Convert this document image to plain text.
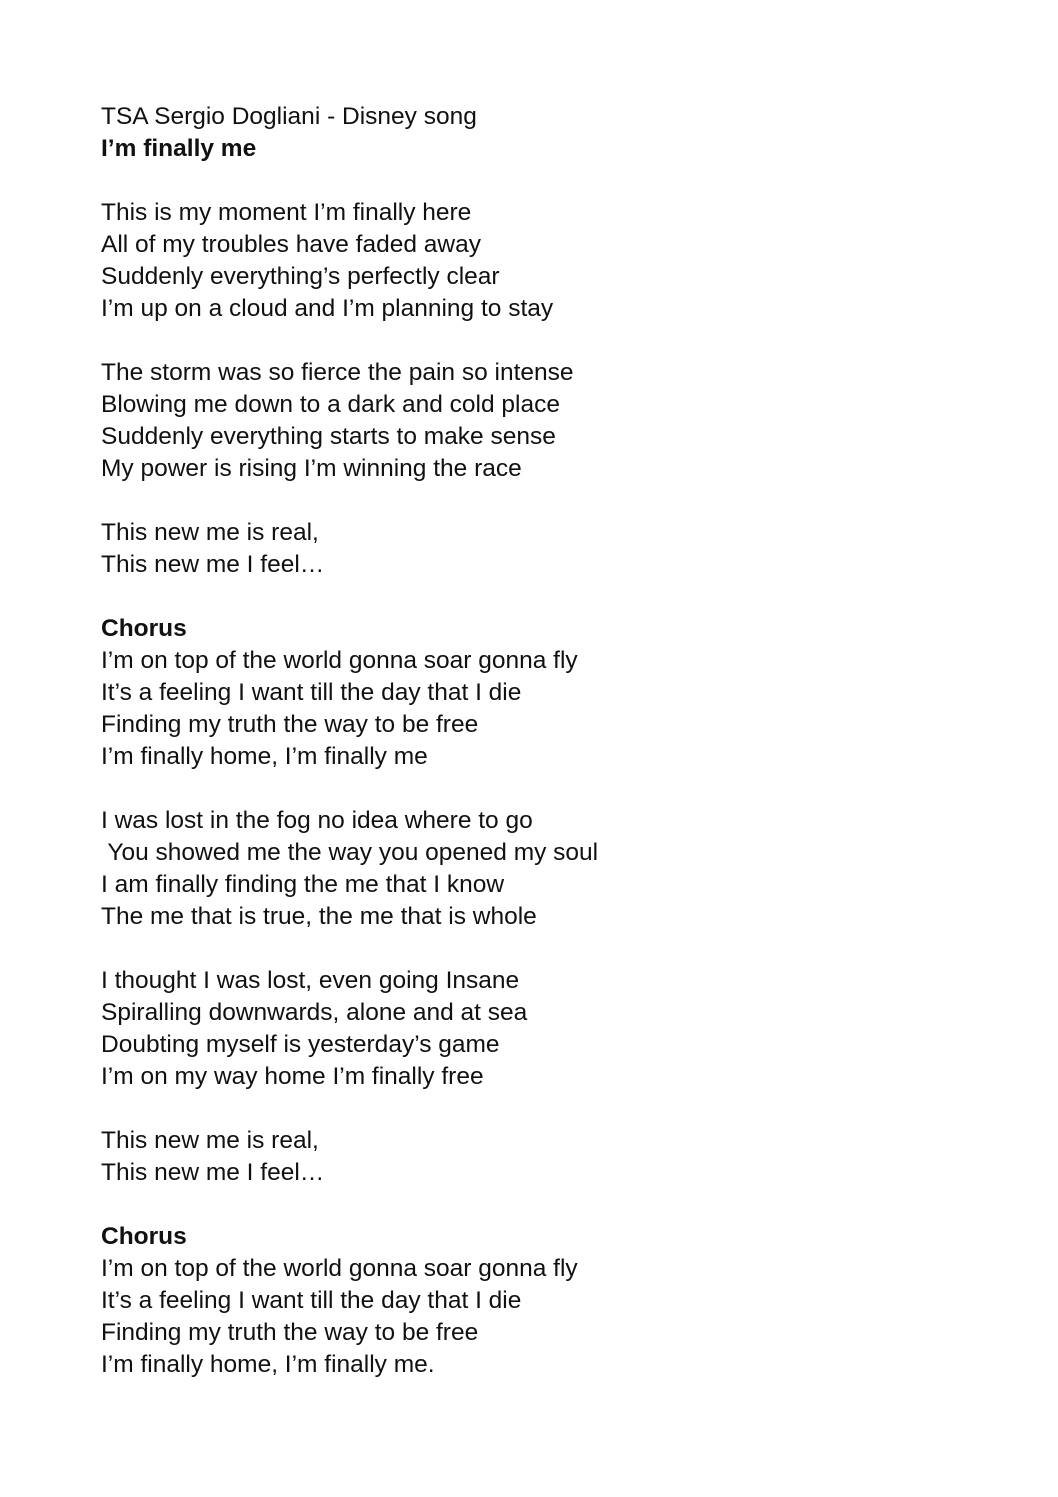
TSA Sergio Dogliani - Disney song
I’m finally me
This is my moment I’m finally here
All of my troubles have faded away
Suddenly everything’s perfectly clear
I’m up on a cloud and I’m planning to stay
The storm was so fierce the pain so intense
Blowing me down to a dark and cold place
Suddenly everything starts to make sense
My power is rising I’m winning the race
This new me is real,
This new me I feel…
Chorus
I’m on top of the world gonna soar gonna fly
It’s a feeling I want till the day that I die
Finding my truth the way to be free
I’m finally home, I’m finally me
I was lost in the fog no idea where to go
You showed me the way you opened my soul
I am finally finding the me that I know
The me that is true, the me that is whole
I thought I was lost, even going Insane
Spiralling downwards, alone and at sea
Doubting myself is yesterday’s game
I’m on my way home I’m finally free
This new me is real,
This new me I feel…
Chorus
I’m on top of the world gonna soar gonna fly
It’s a feeling I want till the day that I die
Finding my truth the way to be free
I’m finally home, I’m finally me.
